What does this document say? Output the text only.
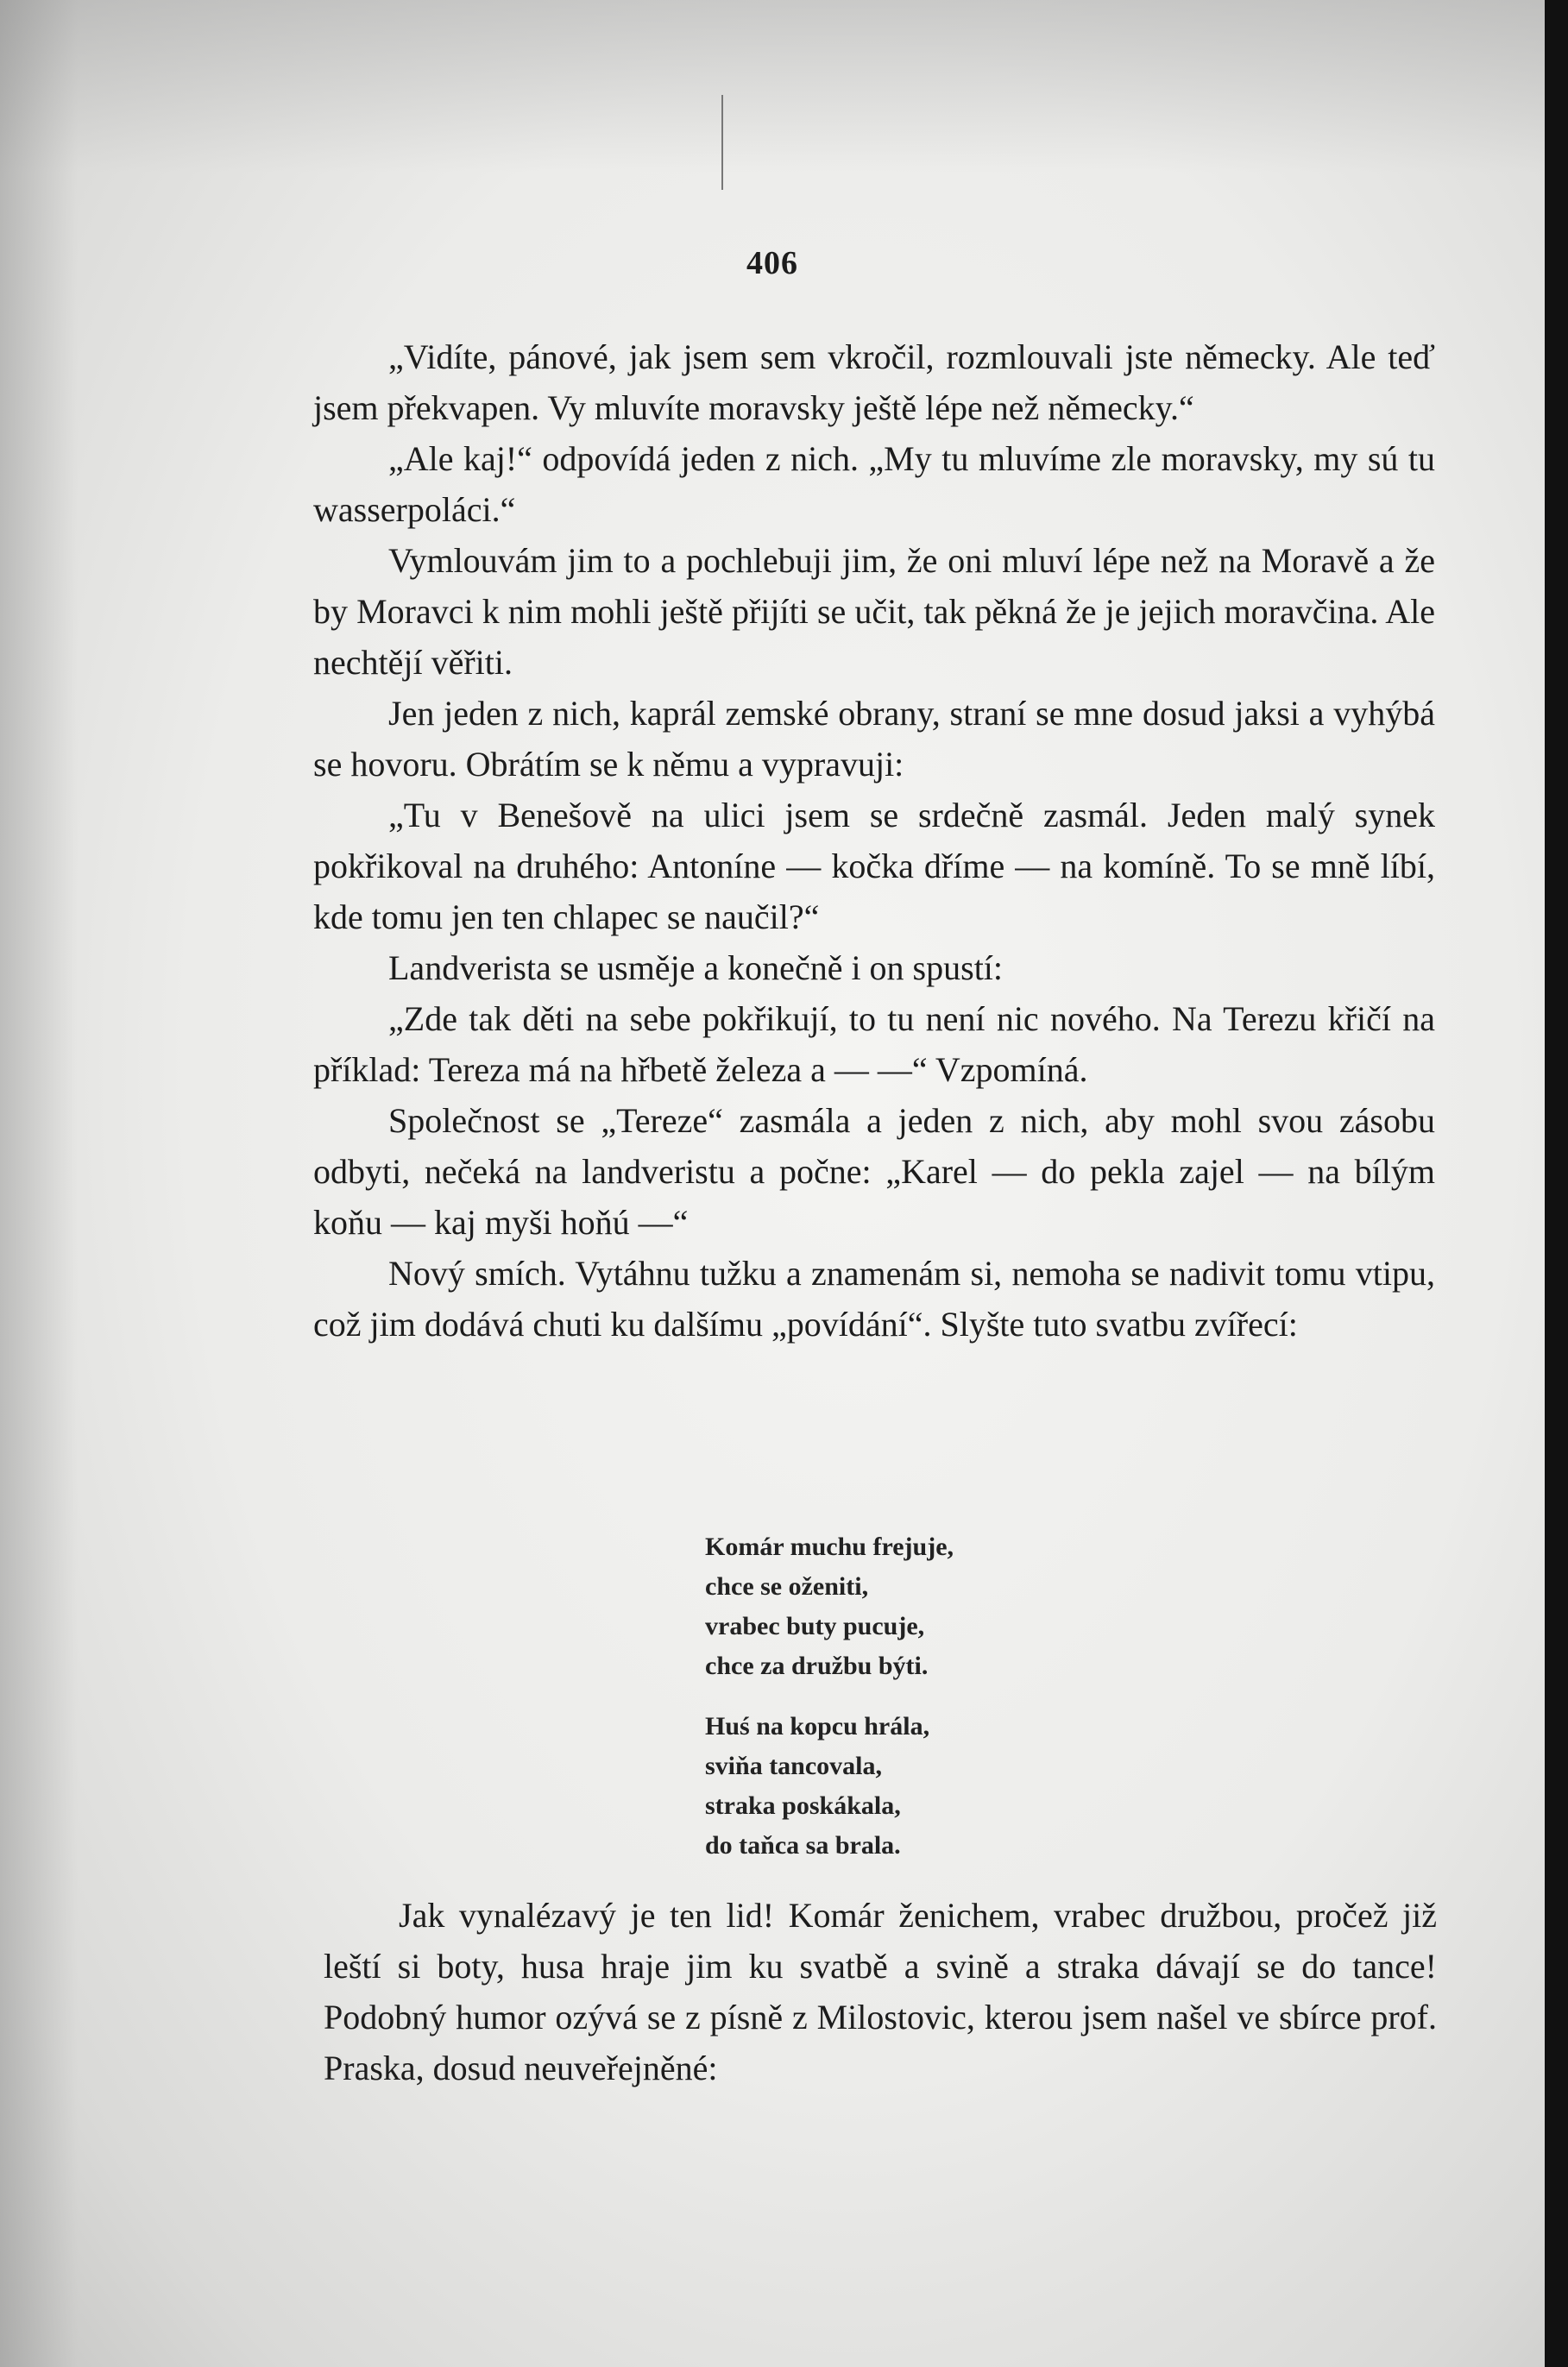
406

„Vidíte, pánové, jak jsem sem vkročil, rozmlouvali jste německy. Ale teď jsem překvapen. Vy mluvíte moravsky ještě lépe než německy.“

„Ale kaj!“ odpovídá jeden z nich. „My tu mluvíme zle moravsky, my sú tu wasserpoláci.“

Vymlouvám jim to a pochlebuji jim, že oni mluví lépe než na Moravě a že by Moravci k nim mohli ještě přijíti se učit, tak pěkná že je jejich moravčina. Ale nechtějí věřiti.

Jen jeden z nich, kaprál zemské obrany, straní se mne dosud jaksi a vyhýbá se hovoru. Obrátím se k němu a vypravuji:

„Tu v Benešově na ulici jsem se srdečně zasmál. Jeden malý synek pokřikoval na druhého: Antoníne — kočka dříme — na komíně. To se mně líbí, kde tomu jen ten chlapec se naučil?“

Landverista se usměje a konečně i on spustí:

„Zde tak děti na sebe pokřikují, to tu není nic nového. Na Terezu křičí na příklad: Tereza má na hřbetě železa a — —“ Vzpomíná.

Společnost se „Tereze“ zasmála a jeden z nich, aby mohl svou zásobu odbyti, nečeká na landveristu a počne: „Karel — do pekla zajel — na bílým koňu — kaj myši hoňú —“

Nový smích. Vytáhnu tužku a znamenám si, nemoha se nadivit tomu vtipu, což jim dodává chuti ku dalšímu „povídání“. Slyšte tuto svatbu zvířecí:

Komár muchu frejuje,
chce se oženiti,
vrabec buty pucuje,
chce za družbu býti.
Huś na kopcu hrála,
sviňa tancovala,
straka poskákala,
do taňca sa brala.

Jak vynalézavý je ten lid! Komár ženichem, vrabec družbou, pročež již leští si boty, husa hraje jim ku svatbě a svině a straka dávají se do tance! Podobný humor ozývá se z písně z Milostovic, kterou jsem našel ve sbírce prof. Praska, dosud neuveřejněné:
